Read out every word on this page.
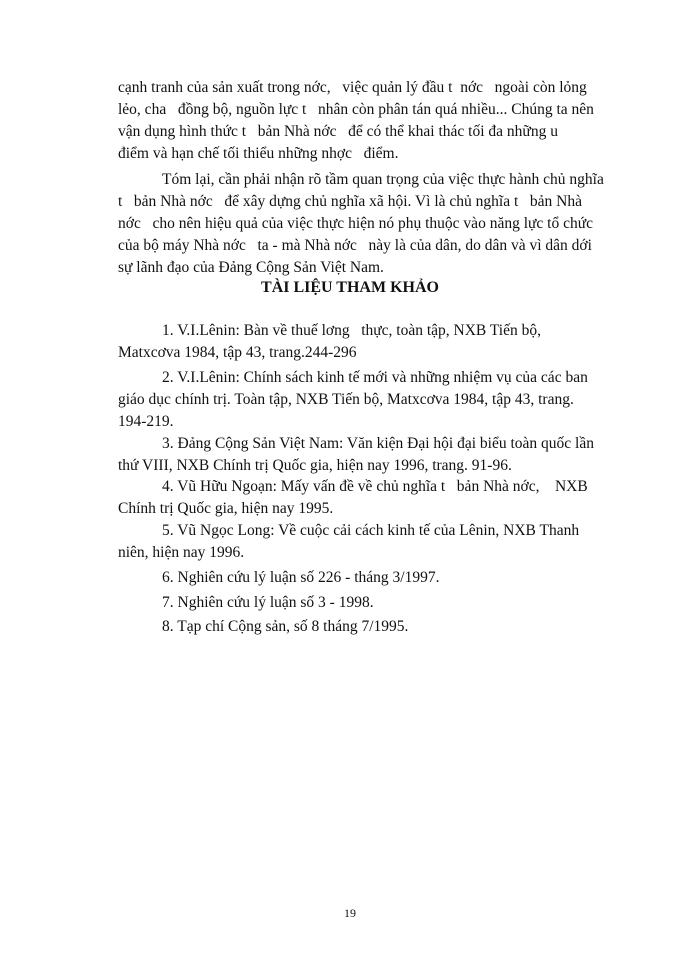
cạnh tranh của sản xuất trong nớc,   việc quản lý đầu t  nớc   ngoài còn lỏng
lẻo, cha   đồng bộ, nguồn lực t   nhân còn phân tán quá nhiều... Chúng ta nên
vận dụng hình thức t   bản Nhà nớc   để có thể khai thác tối đa những u
điểm và hạn chế tối thiểu những nhợc   điểm.
Tóm lại, cần phải nhận rõ tầm quan trọng của việc thực hành chủ nghĩa
t   bản Nhà nớc   để xây dựng chủ nghĩa xã hội. Vì là chủ nghĩa t   bản Nhà
nớc   cho nên hiệu quả của việc thực hiện nó phụ thuộc vào năng lực tổ chức
của bộ máy Nhà nớc   ta - mà Nhà nớc   này là của dân, do dân và vì dân dới
sự lãnh đạo của Đảng Cộng Sản Việt Nam.
TÀI LIỆU THAM KHẢO
1. V.I.Lênin: Bàn về thuế lơng   thực, toàn tập, NXB Tiến bộ,
Matxcơva 1984, tập 43, trang.244-296
2. V.I.Lênin: Chính sách kinh tế mới và những nhiệm vụ của các ban
giáo dục chính trị. Toàn tập, NXB Tiến bộ, Matxcơva 1984, tập 43, trang.
194-219.
3. Đảng Cộng Sản Việt Nam: Văn kiện Đại hội đại biểu toàn quốc lần
thứ VIII, NXB Chính trị Quốc gia, hiện nay 1996, trang. 91-96.
4. Vũ Hữu Ngoạn: Mấy vấn đề về chủ nghĩa t   bản Nhà nớc,    NXB
Chính trị Quốc gia, hiện nay 1995.
5. Vũ Ngọc Long: Về cuộc cải cách kinh tế của Lênin, NXB Thanh
niên, hiện nay 1996.
6. Nghiên cứu lý luận số 226 - tháng 3/1997.
7. Nghiên cứu lý luận số 3 - 1998.
8. Tạp chí Cộng sản, số 8 tháng 7/1995.
19
